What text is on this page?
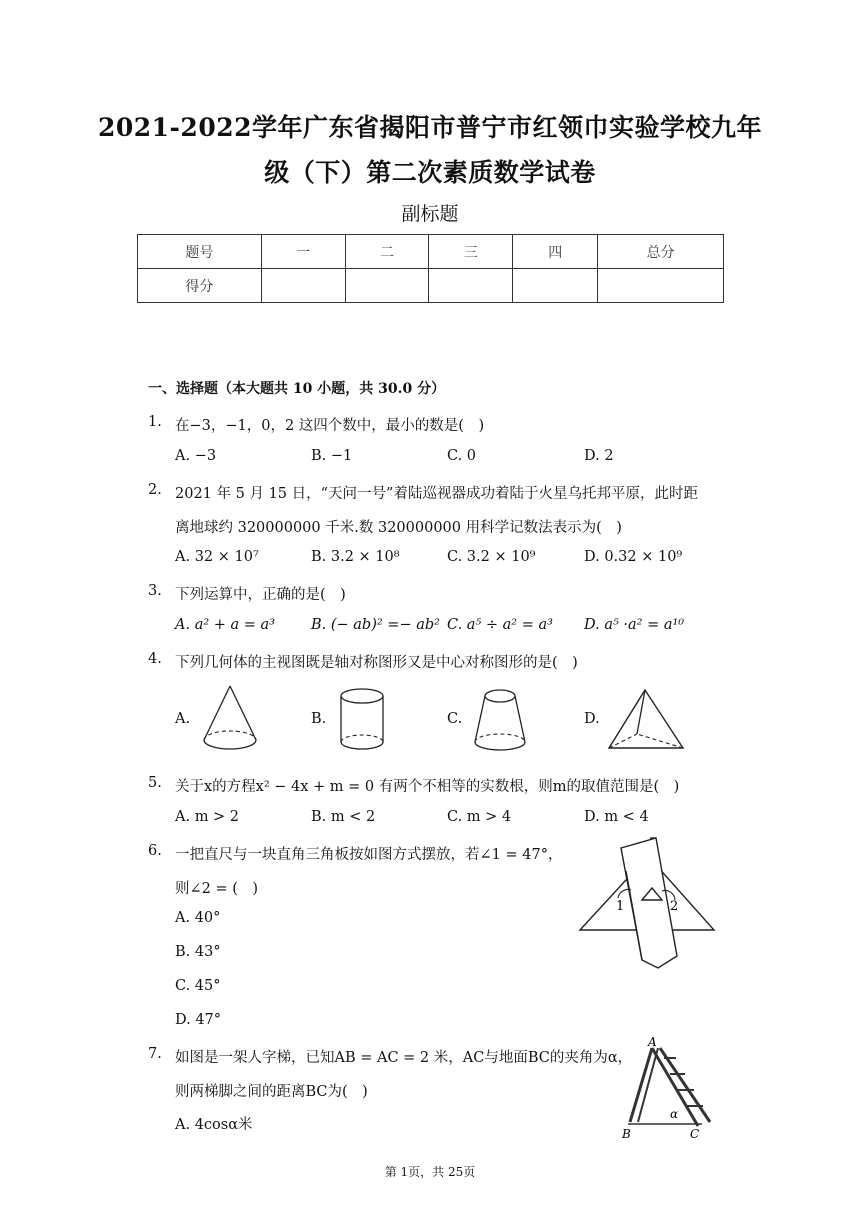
2021-2022学年广东省揭阳市普宁市红领巾实验学校九年
级（下）第二次素质数学试卷
副标题
题号	一	二	三	四	总分
得分					
一、选择题（本大题共 10 小题，共 30.0 分）
1. 在−3，−1，0，2 这四个数中，最小的数是(　)
A. −3	B. −1	C. 0	D. 2
2. 2021 年 5 月 15 日，“天问一号”着陆巡视器成功着陆于火星乌托邦平原，此时距
离地球约 320000000 千米.数 320000000 用科学记数法表示为(　)
A. 32 × 10⁷	B. 3.2 × 10⁸	C. 3.2 × 10⁹	D. 0.32 × 10⁹
3. 下列运算中，正确的是(　)
A. a² + a = a³ B. (− ab)² =− ab² C. a⁵ ÷ a² = a³ D. a⁵ ·a² = a¹⁰
4. 下列几何体的主视图既是轴对称图形又是中心对称图形的是(　)
A.	B.	C.	D.
5. 关于x的方程x² − 4x + m = 0 有两个不相等的实数根，则m的取值范围是(　)
A. m > 2	B. m < 2	C. m > 4	D. m < 4
6. 一把直尺与一块直角三角板按如图方式摆放，若∠1 = 47°，
则∠2 = (　)
A. 40°
B. 43°
C. 45°
D. 47°
1	2
7. 如图是一架人字梯，已知AB = AC = 2 米，AC与地面BC的夹角为α，
则两梯脚之间的距离BC为(　)
A. 4cosα米
A
B	C
α
第 1页，共 25页
